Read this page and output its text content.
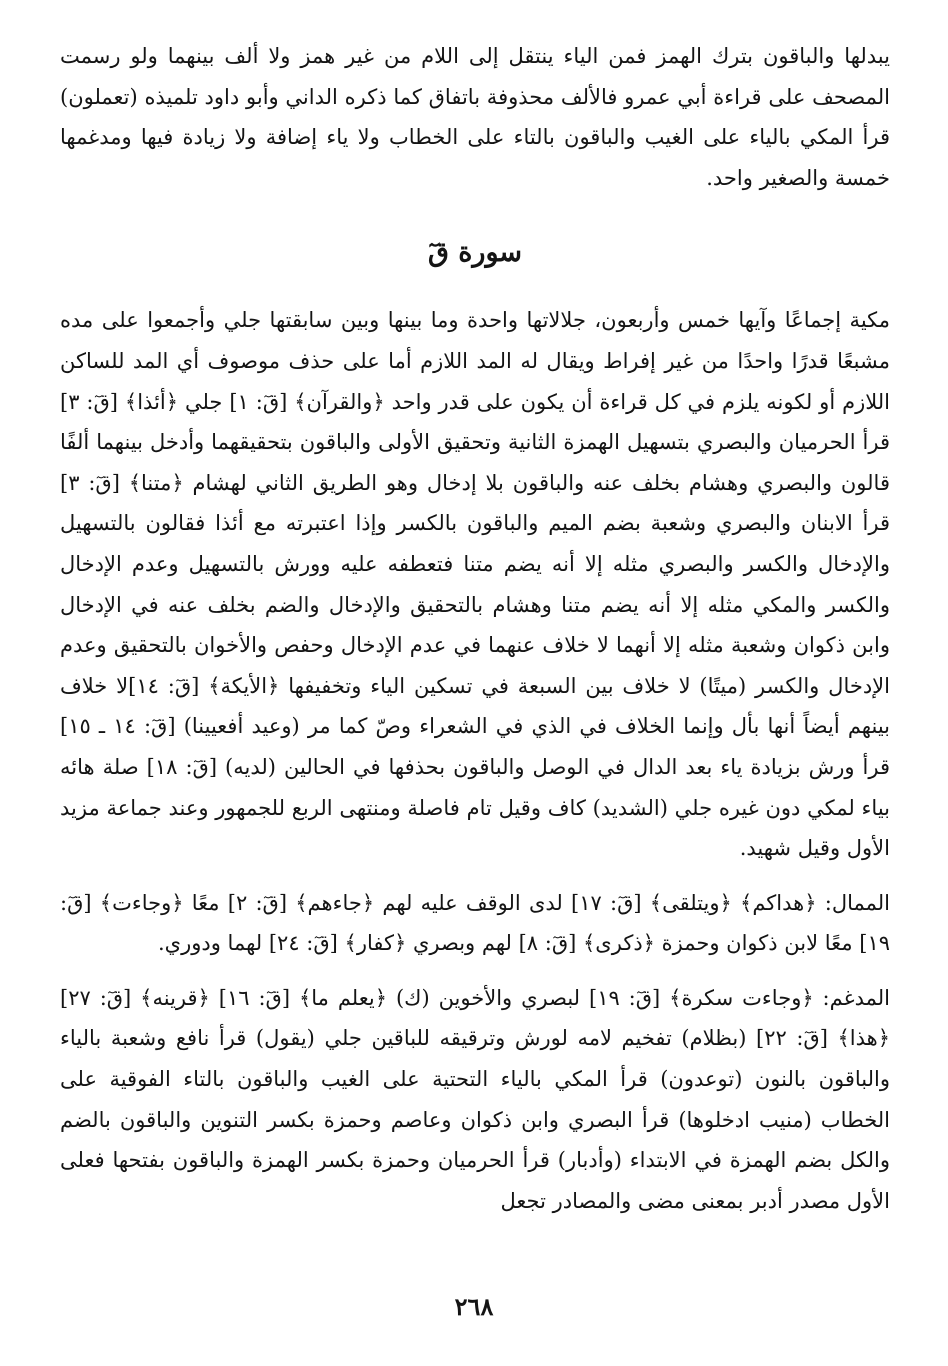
يبدلها والباقون بترك الهمز فمن الياء ينتقل إلى اللام من غير همز ولا ألف بينهما ولو رسمت المصحف على قراءة أبي عمرو فالألف محذوفة باتفاق كما ذكره الداني وأبو داود تلميذه (تعملون) قرأ المكي بالياء على الغيب والباقون بالتاء على الخطاب ولا ياء إضافة ولا زيادة فيها ومدغمها خمسة والصغير واحد.

سورة قٓ

مكية إجماعًا وآيها خمس وأربعون، جلالاتها واحدة وما بينها وبين سابقتها جلي وأجمعوا على مده مشبعًا قدرًا واحدًا من غير إفراط ويقال له المد اللازم أما على حذف موصوف أي المد للساكن اللازم أو لكونه يلزم في كل قراءة أن يكون على قدر واحد ﴿والقرآن﴾ [قٓ: ١] جلي ﴿أئذا﴾ [قٓ: ٣] قرأ الحرميان والبصري بتسهيل الهمزة الثانية وتحقيق الأولى والباقون بتحقيقهما وأدخل بينهما ألفًا قالون والبصري وهشام بخلف عنه والباقون بلا إدخال وهو الطريق الثاني لهشام ﴿متنا﴾ [قٓ: ٣] قرأ الابنان والبصري وشعبة بضم الميم والباقون بالكسر وإذا اعتبرته مع أئذا فقالون بالتسهيل والإدخال والكسر والبصري مثله إلا أنه يضم متنا فتعطفه عليه وورش بالتسهيل وعدم الإدخال والكسر والمكي مثله إلا أنه يضم متنا وهشام بالتحقيق والإدخال والضم بخلف عنه في الإدخال وابن ذكوان وشعبة مثله إلا أنهما لا خلاف عنهما في عدم الإدخال وحفص والأخوان بالتحقيق وعدم الإدخال والكسر (ميتًا) لا خلاف بين السبعة في تسكين الياء وتخفيفها ﴿الأيكة﴾ [قٓ: ١٤]لا خلاف بينهم أيضاً أنها بأل وإنما الخلاف في الذي في الشعراء وصّ كما مر (وعيد أفعيينا) [قٓ: ١٤ ـ ١٥] قرأ ورش بزيادة ياء بعد الدال في الوصل والباقون بحذفها في الحالين (لديه) [قٓ: ١٨] صلة هائه بياء لمكي دون غيره جلي (الشديد) كاف وقيل تام فاصلة ومنتهى الربع للجمهور وعند جماعة مزيد الأول وقيل شهيد.

الممال: ﴿هداكم﴾ ﴿ويتلقى﴾ [قٓ: ١٧] لدى الوقف عليه لهم ﴿جاءهم﴾ [قٓ: ٢] معًا ﴿وجاءت﴾ [قٓ: ١٩] معًا لابن ذكوان وحمزة ﴿ذكرى﴾ [قٓ: ٨] لهم وبصري ﴿كفار﴾ [قٓ: ٢٤] لهما ودوري.

المدغم: ﴿وجاءت سكرة﴾ [قٓ: ١٩] لبصري والأخوين (ك) ﴿يعلم ما﴾ [قٓ: ١٦] ﴿قرينه﴾ [قٓ: ٢٧] ﴿هذا﴾ [قٓ: ٢٢] (بظلام) تفخيم لامه لورش وترقيقه للباقين جلي (يقول) قرأ نافع وشعبة بالياء والباقون بالنون (توعدون) قرأ المكي بالياء التحتية على الغيب والباقون بالتاء الفوقية على الخطاب (منيب ادخلوها) قرأ البصري وابن ذكوان وعاصم وحمزة بكسر التنوين والباقون بالضم والكل بضم الهمزة في الابتداء (وأدبار) قرأ الحرميان وحمزة بكسر الهمزة والباقون بفتحها فعلى الأول مصدر أدبر بمعنى مضى والمصادر تجعل

٢٦٨
